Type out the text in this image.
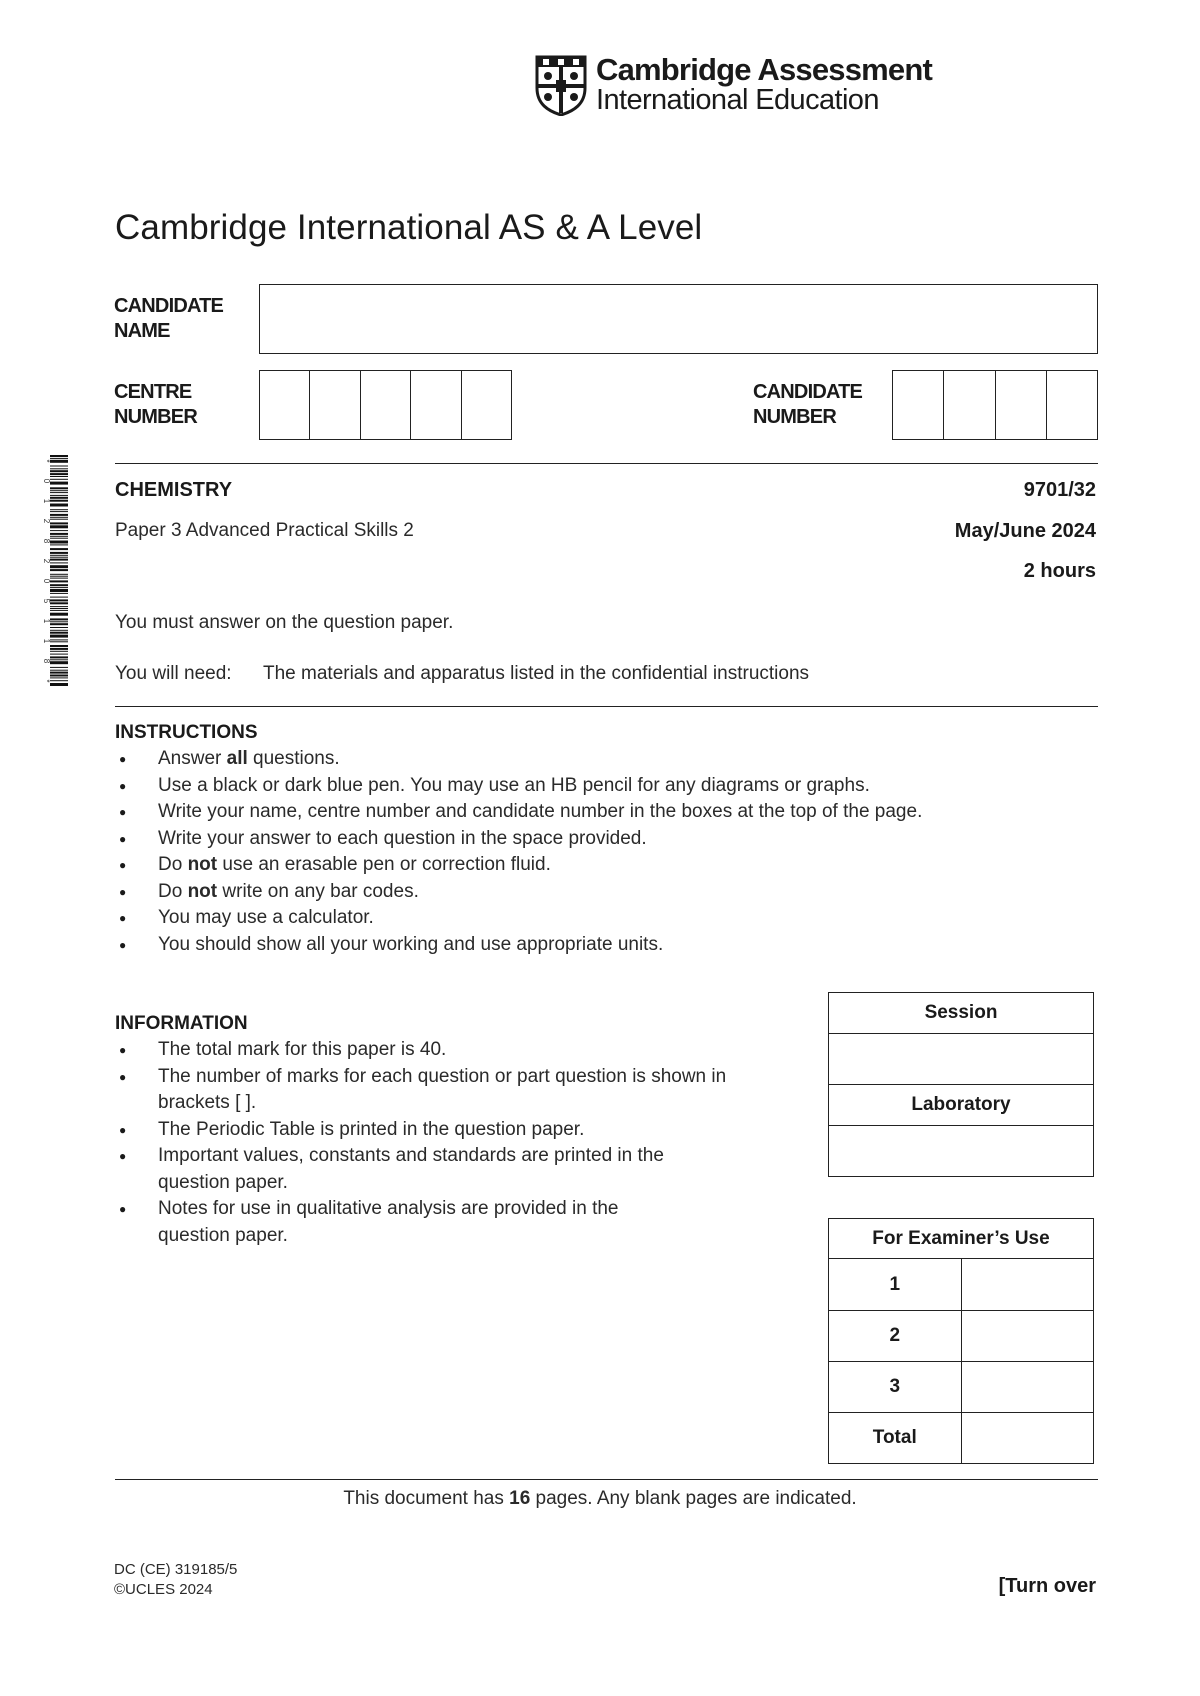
Cambridge Assessment
International Education
Cambridge International AS & A Level
CANDIDATE
NAME
CENTRE
NUMBER
CANDIDATE
NUMBER
*
0
1
2
8
2
0
5
1
1
8
*
CHEMISTRY	9701/32
Paper 3 Advanced Practical Skills 2	May/June 2024
2 hours
You must answer on the question paper.
You will need: The materials and apparatus listed in the confidential instructions
INSTRUCTIONS
● Answer all questions.
● Use a black or dark blue pen. You may use an HB pencil for any diagrams or graphs.
● Write your name, centre number and candidate number in the boxes at the top of the page.
● Write your answer to each question in the space provided.
● Do not use an erasable pen or correction fluid.
● Do not write on any bar codes.
● You may use a calculator.
● You should show all your working and use appropriate units.
INFORMATION
● The total mark for this paper is 40.
● The number of marks for each question or part question is shown in
brackets [ ].
● The Periodic Table is printed in the question paper.
● Important values, constants and standards are printed in the
question paper.
● Notes for use in qualitative analysis are provided in the
question paper.
Session

Laboratory

For Examiner’s Use	
1	
2	
3	
Total	
This document has 16 pages. Any blank pages are indicated.
DC (CE) 319185/5
©UCLES 2024	[Turn over
